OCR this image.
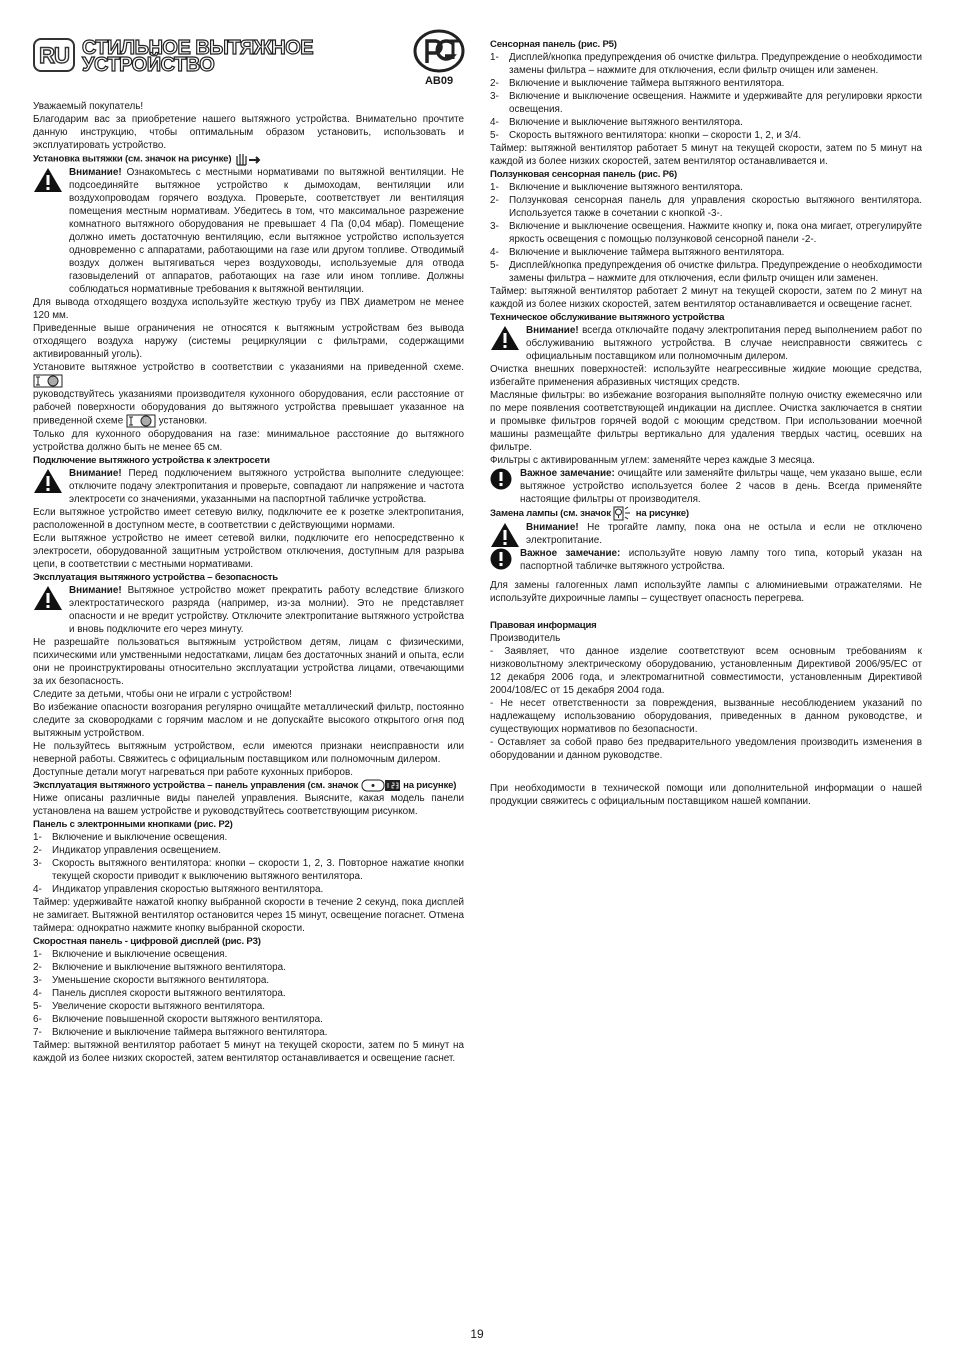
RU СТИЛЬНОЕ ВЫТЯЖНОЕ
УСТРОЙСТВО
AB09

Уважаемый покупатель!

Благодарим вас за приобретение нашего вытяжного устройства. Внимательно прочтите данную инструкцию, чтобы оптимальным образом установить, использовать и эксплуатировать устройство.

Установка вытяжки (см. значок на рисунке)

Внимание! Ознакомьтесь с местными нормативами по вытяжной вентиляции. Не подсоединяйте вытяжное устройство к дымоходам, вентиляции или воздухопроводам горячего воздуха. Проверьте, соответствует ли вентиляция помещения местным нормативам. Убедитесь в том, что максимальное разрежение комнатного вытяжного оборудования не превышает 4 Па (0,04 мбар). Помещение должно иметь достаточную вентиляцию, если вытяжное устройство используется одновременно с аппаратами, работающими на газе или другом топливе. Отводимый воздух должен вытягиваться через воздуховоды, используемые для отвода газовыделений от аппаратов, работающих на газе или ином топливе. Должны соблюдаться нормативные требования к вытяжной вентиляции.

Для вывода отходящего воздуха используйте жесткую трубу из ПВХ диаметром не менее 120 мм.

Приведенные выше ограничения не относятся к вытяжным устройствам без вывода отходящего воздуха наружу (системы рециркуляции с фильтрами, содержащими активированный уголь).

Установите вытяжное устройство в соответствии с указаниями на приведенной схеме.

руководствуйтесь указаниями производителя кухонного оборудования, если расстояние от рабочей поверхности оборудования до вытяжного устройства превышает указанное на приведенной схеме	установки.

Только для кухонного оборудования на газе: минимальное расстояние до вытяжного устройства должно быть не менее 65 см.

Подключение вытяжного устройства к электросети

Внимание! Перед подключением вытяжного устройства выполните следующее: отключите подачу электропитания и проверьте, совпадают ли напряжение и частота электросети со значениями, указанными на паспортной табличке устройства.

Если вытяжное устройство имеет сетевую вилку, подключите ее к розетке электропитания, расположенной в доступном месте, в соответствии с действующими нормами.

Если вытяжное устройство не имеет сетевой вилки, подключите его непосредственно к электросети, оборудованной защитным устройством отключения, доступным для разрыва цепи, в соответствии с местными нормативами.

Эксплуатация вытяжного устройства – безопасность

Внимание! Вытяжное устройство может прекратить работу вследствие близкого электростатического разряда (например, из-за молнии). Это не представляет опасности и не вредит устройству. Отключите электропитание вытяжного устройства и вновь подключите его через минуту.

Не разрешайте пользоваться вытяжным устройством детям, лицам с физическими, психическими или умственными недостатками, лицам без достаточных знаний и опыта, если они не проинструктированы относительно эксплуатации устройства лицами, отвечающими за их безопасность.

Следите за детьми, чтобы они не играли с устройством!

Во избежание опасности возгорания регулярно очищайте металлический фильтр, постоянно следите за сковородками с горячим маслом и не допускайте высокого открытого огня под вытяжным устройством.

Не пользуйтесь вытяжным устройством, если имеются признаки неисправности или неверной работы. Свяжитесь с официальным поставщиком или полномочным дилером.

Доступные детали могут нагреваться при работе кухонных приборов.

Эксплуатация вытяжного устройства – панель управления (см. значок	на рисунке)

Ниже описаны различные виды панелей управления. Выясните, какая модель панели установлена на вашем устройстве и руководствуйтесь соответствующим рисунком.

Панель с электронными кнопками (рис. P2)

1-	Включение и выключение освещения.
2-	Индикатор управления освещением.
3-	Скорость вытяжного вентилятора: кнопки – скорости 1, 2, 3. Повторное нажатие кнопки текущей скорости приводит к выключению вытяжного вентилятора.
4-	Индикатор управления скоростью вытяжного вентилятора.

Таймер: удерживайте нажатой кнопку выбранной скорости в течение 2 секунд, пока дисплей не замигает. Вытяжной вентилятор остановится через 15 минут, освещение погаснет. Отмена таймера: однократно нажмите кнопку выбранной скорости.

Скоростная панель - цифровой дисплей (рис. P3)

1-	Включение и выключение освещения.
2-	Включение и выключение вытяжного вентилятора.
3-	Уменьшение скорости вытяжного вентилятора.
4-	Панель дисплея скорости вытяжного вентилятора.
5-	Увеличение скорости вытяжного вентилятора.
6-	Включение повышенной скорости вытяжного вентилятора.
7-	Включение и выключение таймера вытяжного вентилятора.

Таймер: вытяжной вентилятор работает 5 минут на текущей скорости, затем по 5 минут на каждой из более низких скоростей, затем вентилятор останавливается и освещение гаснет.

Сенсорная панель (рис. P5)

1-	Дисплей/кнопка предупреждения об очистке фильтра. Предупреждение о необходимости замены фильтра – нажмите для отключения, если фильтр очищен или заменен.
2-	Включение и выключение таймера вытяжного вентилятора.
3-	Включение и выключение освещения. Нажмите и удерживайте для регулировки яркости освещения.
4-	Включение и выключение вытяжного вентилятора.
5-	Скорость вытяжного вентилятора: кнопки – скорости 1, 2, и 3/4.

Таймер: вытяжной вентилятор работает 5 минут на текущей скорости, затем по 5 минут на каждой из более низких скоростей, затем вентилятор останавливается и.

Ползунковая сенсорная панель (рис. P6)

1-	Включение и выключение вытяжного вентилятора.
2-	Ползунковая сенсорная панель для управления скоростью вытяжного вентилятора. Используется также в сочетании с кнопкой -3-.
3-	Включение и выключение освещения. Нажмите кнопку и, пока она мигает, отрегулируйте яркость освещения с помощью ползунковой сенсорной панели -2-.
4-	Включение и выключение таймера вытяжного вентилятора.
5-	Дисплей/кнопка предупреждения об очистке фильтра. Предупреждение о необходимости замены фильтра – нажмите для отключения, если фильтр очищен или заменен.

Таймер: вытяжной вентилятор работает 2 минут на текущей скорости, затем по 2 минут на каждой из более низких скоростей, затем вентилятор останавливается и освещение гаснет.

Техническое обслуживание вытяжного устройства

Внимание! всегда отключайте подачу электропитания перед выполнением работ по обслуживанию вытяжного устройства. В случае неисправности свяжитесь с официальным поставщиком или полномочным дилером.

Очистка внешних поверхностей: используйте неагрессивные жидкие моющие средства, избегайте применения абразивных чистящих средств.

Масляные фильтры: во избежание возгорания выполняйте полную очистку ежемесячно или по мере появления соответствующей индикации на дисплее. Очистка заключается в снятии и промывке фильтров горячей водой с моющим средством. При использовании моечной машины размещайте фильтры вертикально для удаления твердых частиц, осевших на фильтре.

Фильтры с активированным углем: заменяйте через каждые 3 месяца.

Важное замечание: очищайте или заменяйте фильтры чаще, чем указано выше, если вытяжное устройство используется более 2 часов в день. Всегда применяйте настоящие фильтры от производителя.

Замена лампы (см. значок	на рисунке)

Внимание! Не трогайте лампу, пока она не остыла и если не отключено электропитание.
Важное замечание: используйте новую лампу того типа, который указан на паспортной табличке вытяжного устройства.

Для замены галогенных ламп используйте лампы с алюминиевыми отражателями. Не используйте дихроичные лампы – существует опасность перегрева.

Правовая информация

Производитель

- Заявляет, что данное изделие соответствуют всем основным требованиям к низковольтному электрическому оборудованию, установленным Директивой 2006/95/EC от 12 декабря 2006 года, и электромагнитной совместимости, установленным Директивой 2004/108/EC от 15 декабря 2004 года.

- Не несет ответственности за повреждения, вызванные несоблюдением указаний по надлежащему использованию оборудования, приведенных в данном руководстве, и существующих нормативов по безопасности.

- Оставляет за собой право без предварительного уведомления производить изменения в оборудовании и данном руководстве.

При необходимости в технической помощи или дополнительной информации о нашей продукции свяжитесь с официальным поставщиком нашей компании.

19
